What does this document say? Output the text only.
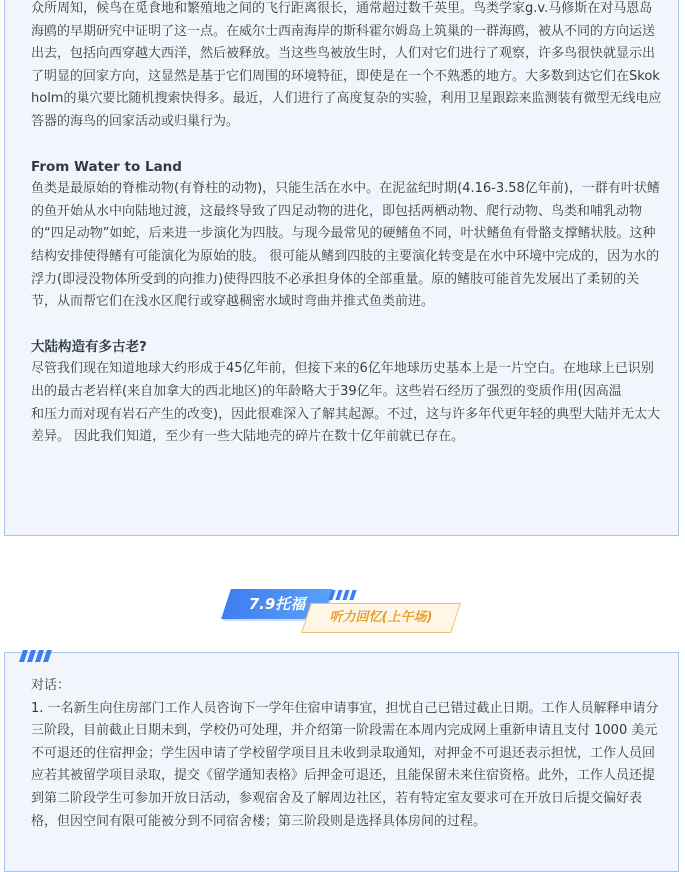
众所周知，候鸟在觅食地和繁殖地之间的飞行距离很长，通常超过数千英里。鸟类学家g.v.马修斯在对马恩岛海鸥的早期研究中证明了这一点。在威尔士西南海岸的斯科霍尔姆岛上筑巢的一群海鸥，被从不同的方向运送出去，包括向西穿越大西洋，然后被释放。当这些鸟被放生时，人们对它们进行了观察，许多鸟很快就显示出了明显的回家方向，这显然是基于它们周围的环境特征，即使是在一个不熟悉的地方。大多数到达它们在Skokholm的巢穴要比随机搜索快得多。最近，人们进行了高度复杂的实验，利用卫星跟踪来监测装有微型无线电应答器的海鸟的回家活动或归巢行为。

From Water to Land

鱼类是最原始的脊椎动物(有脊柱的动物)，只能生活在水中。在泥盆纪时期(4.16-3.58亿年前)，一群有叶状鳍的鱼开始从水中向陆地过渡，这最终导致了四足动物的进化，即包括两栖动物、爬行动物、鸟类和哺乳动物的“四足动物”如蛇，后来进一步演化为四肢。与现今最常见的硬鳍鱼不同，叶状鳍鱼有骨骼支撑鳍状肢。这种结构安排使得鳍有可能演化为原始的肢。 很可能从鳍到四肢的主要演化转变是在水中环境中完成的，因为水的浮力(即浸没物体所受到的向推力)使得四肢不必承担身体的全部重量。原的鳍肢可能首先发展出了柔韧的关节，从而帮它们在浅水区爬行或穿越稠密水域时弯曲并推式鱼类前进。

大陆构造有多古老?

尽管我们现在知道地球大约形成于45亿年前，但接下来的6亿年地球历史基本上是一片空白。在地球上已识别出的最古老岩样(来自加拿大的西北地区)的年龄略大于39亿年。这些岩石经历了强烈的变质作用(因高温

和压力而对现有岩石产生的改变)，因此很难深入了解其起源。不过，这与许多年代更年轻的典型大陆并无太大差异。 因此我们知道，至少有一些大陆地壳的碎片在数十亿年前就已存在。

7.9托福
听力回忆(上午场)

对话：

1. 一名新生向住房部门工作人员咨询下一学年住宿申请事宜，担忧自己已错过截止日期。工作人员解释申请分三阶段，目前截止日期未到，学校仍可处理，并介绍第一阶段需在本周内完成网上重新申请且支付 1000 美元不可退还的住宿押金；学生因申请了学校留学项目且未收到录取通知，对押金不可退还表示担忧，工作人员回应若其被留学项目录取，提交《留学通知表格》后押金可退还，且能保留未来住宿资格。此外，工作人员还提到第二阶段学生可参加开放日活动，参观宿舍及了解周边社区，若有特定室友要求可在开放日后提交偏好表格，但因空间有限可能被分到不同宿舍楼；第三阶段则是选择具体房间的过程。
